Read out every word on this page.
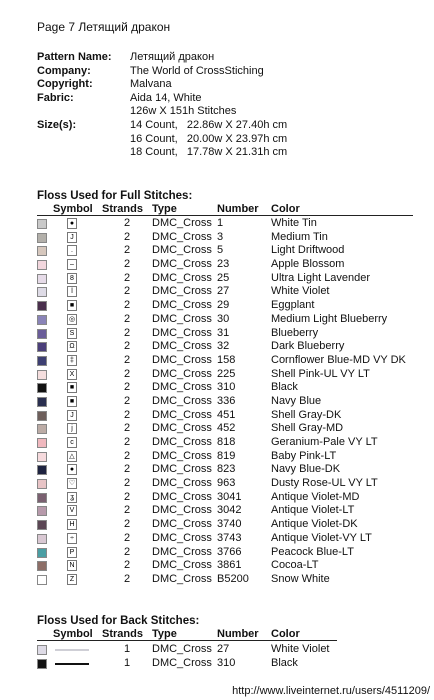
Page 7 Летящий дракон
Pattern Name:	Летящий дракон
Company:	The World of CrossStiching
Copyright:	Malvana
Fabric:	Aida 14, White
126w X 151h Stitches
Size(s):	14 Count,   22.86w X 27.40h cm
16 Count,   20.00w X 23.97h cm
18 Count,   17.78w X 21.31h cm
Floss Used for Full Stitches:
Symbol Strands Type	Number Color
●	2 DMC_Cross 1	White Tin
J	2 DMC_Cross 3	Medium Tin
.	2 DMC_Cross 5	Light Driftwood
–	2 DMC_Cross 23	Apple Blossom
8	2 DMC_Cross 25	Ultra Light Lavender
l	2 DMC_Cross 27	White Violet
■	2 DMC_Cross 29	Eggplant
◎	2 DMC_Cross 30	Medium Light Blueberry
S	2 DMC_Cross 31	Blueberry
Ω	2 DMC_Cross 32	Dark Blueberry
‡	2 DMC_Cross 158	Cornflower Blue-MD VY DK
X	2 DMC_Cross 225	Shell Pink-UL VY LT
■	2 DMC_Cross 310	Black
■	2 DMC_Cross 336	Navy Blue
J	2 DMC_Cross 451	Shell Gray-DK
j	2 DMC_Cross 452	Shell Gray-MD
c	2 DMC_Cross 818	Geranium-Pale VY LT
△	2 DMC_Cross 819	Baby Pink-LT
●	2 DMC_Cross 823	Navy Blue-DK
♡	2 DMC_Cross 963	Dusty Rose-UL VY LT
ʓ	2 DMC_Cross 3041	Antique Violet-MD
V	2 DMC_Cross 3042	Antique Violet-LT
H	2 DMC_Cross 3740	Antique Violet-DK
÷	2 DMC_Cross 3743	Antique Violet-VY LT
P	2 DMC_Cross 3766	Peacock Blue-LT
N	2 DMC_Cross 3861	Cocoa-LT
Z	2 DMC_Cross B5200 Snow White
Floss Used for Back Stitches:
Symbol Strands Type	Number Color
1 DMC_Cross 27	White Violet
1 DMC_Cross 310	Black
http://www.liveinternet.ru/users/4511209/
